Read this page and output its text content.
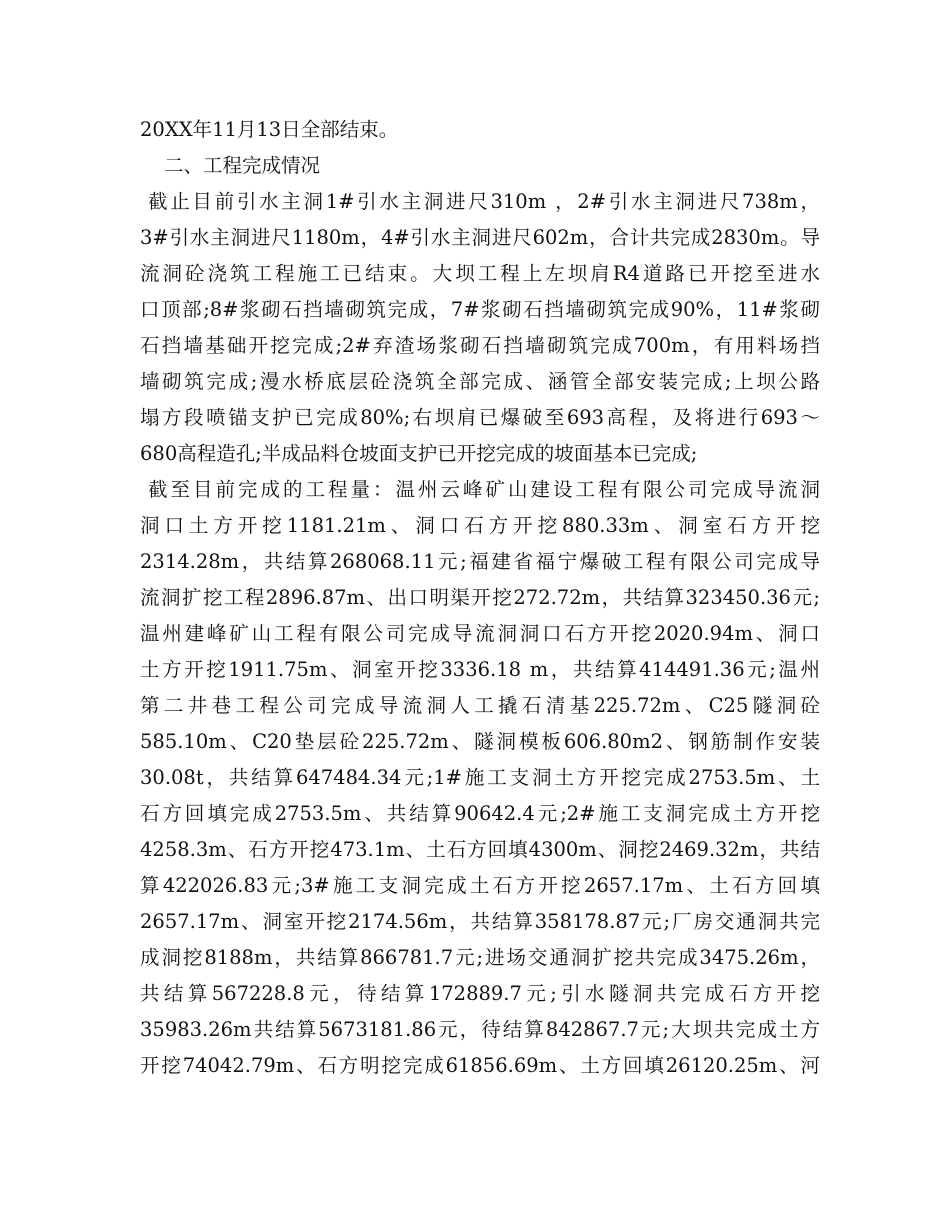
20XX年11月13日全部结束。
二、工程完成情况
截止目前引水主洞1#引水主洞进尺310m ，2#引水主洞进尺738m，
3#引水主洞进尺1180m，4#引水主洞进尺602m，合计共完成2830m。导
流洞砼浇筑工程施工已结束。大坝工程上左坝肩R4道路已开挖至进水
口顶部;8#浆砌石挡墙砌筑完成，7#浆砌石挡墙砌筑完成90%，11#浆砌
石挡墙基础开挖完成;2#弃渣场浆砌石挡墙砌筑完成700m，有用料场挡
墙砌筑完成;漫水桥底层砼浇筑全部完成、涵管全部安装完成;上坝公路
塌方段喷锚支护已完成80%;右坝肩已爆破至693高程，及将进行693～
680高程造孔;半成品料仓坡面支护已开挖完成的坡面基本已完成;
截至目前完成的工程量：温州云峰矿山建设工程有限公司完成导流洞
洞口土方开挖1181.21m、洞口石方开挖880.33m、洞室石方开挖
2314.28m，共结算268068.11元;福建省福宁爆破工程有限公司完成导
流洞扩挖工程2896.87m、出口明渠开挖272.72m，共结算323450.36元;
温州建峰矿山工程有限公司完成导流洞洞口石方开挖2020.94m、洞口
土方开挖1911.75m、洞室开挖3336.18 m，共结算414491.36元;温州
第二井巷工程公司完成导流洞人工撬石清基225.72m、C25隧洞砼
585.10m、C20垫层砼225.72m、隧洞模板606.80m2、钢筋制作安装
30.08t，共结算647484.34元;1#施工支洞土方开挖完成2753.5m、土
石方回填完成2753.5m、共结算90642.4元;2#施工支洞完成土方开挖
4258.3m、石方开挖473.1m、土石方回填4300m、洞挖2469.32m，共结
算422026.83元;3#施工支洞完成土石方开挖2657.17m、土石方回填
2657.17m、洞室开挖2174.56m，共结算358178.87元;厂房交通洞共完
成洞挖8188m，共结算866781.7元;进场交通洞扩挖共完成3475.26m，
共结算567228.8元，待结算172889.7元;引水隧洞共完成石方开挖
35983.26m共结算5673181.86元，待结算842867.7元;大坝共完成土方
开挖74042.79m、石方明挖完成61856.69m、土方回填26120.25m、河
